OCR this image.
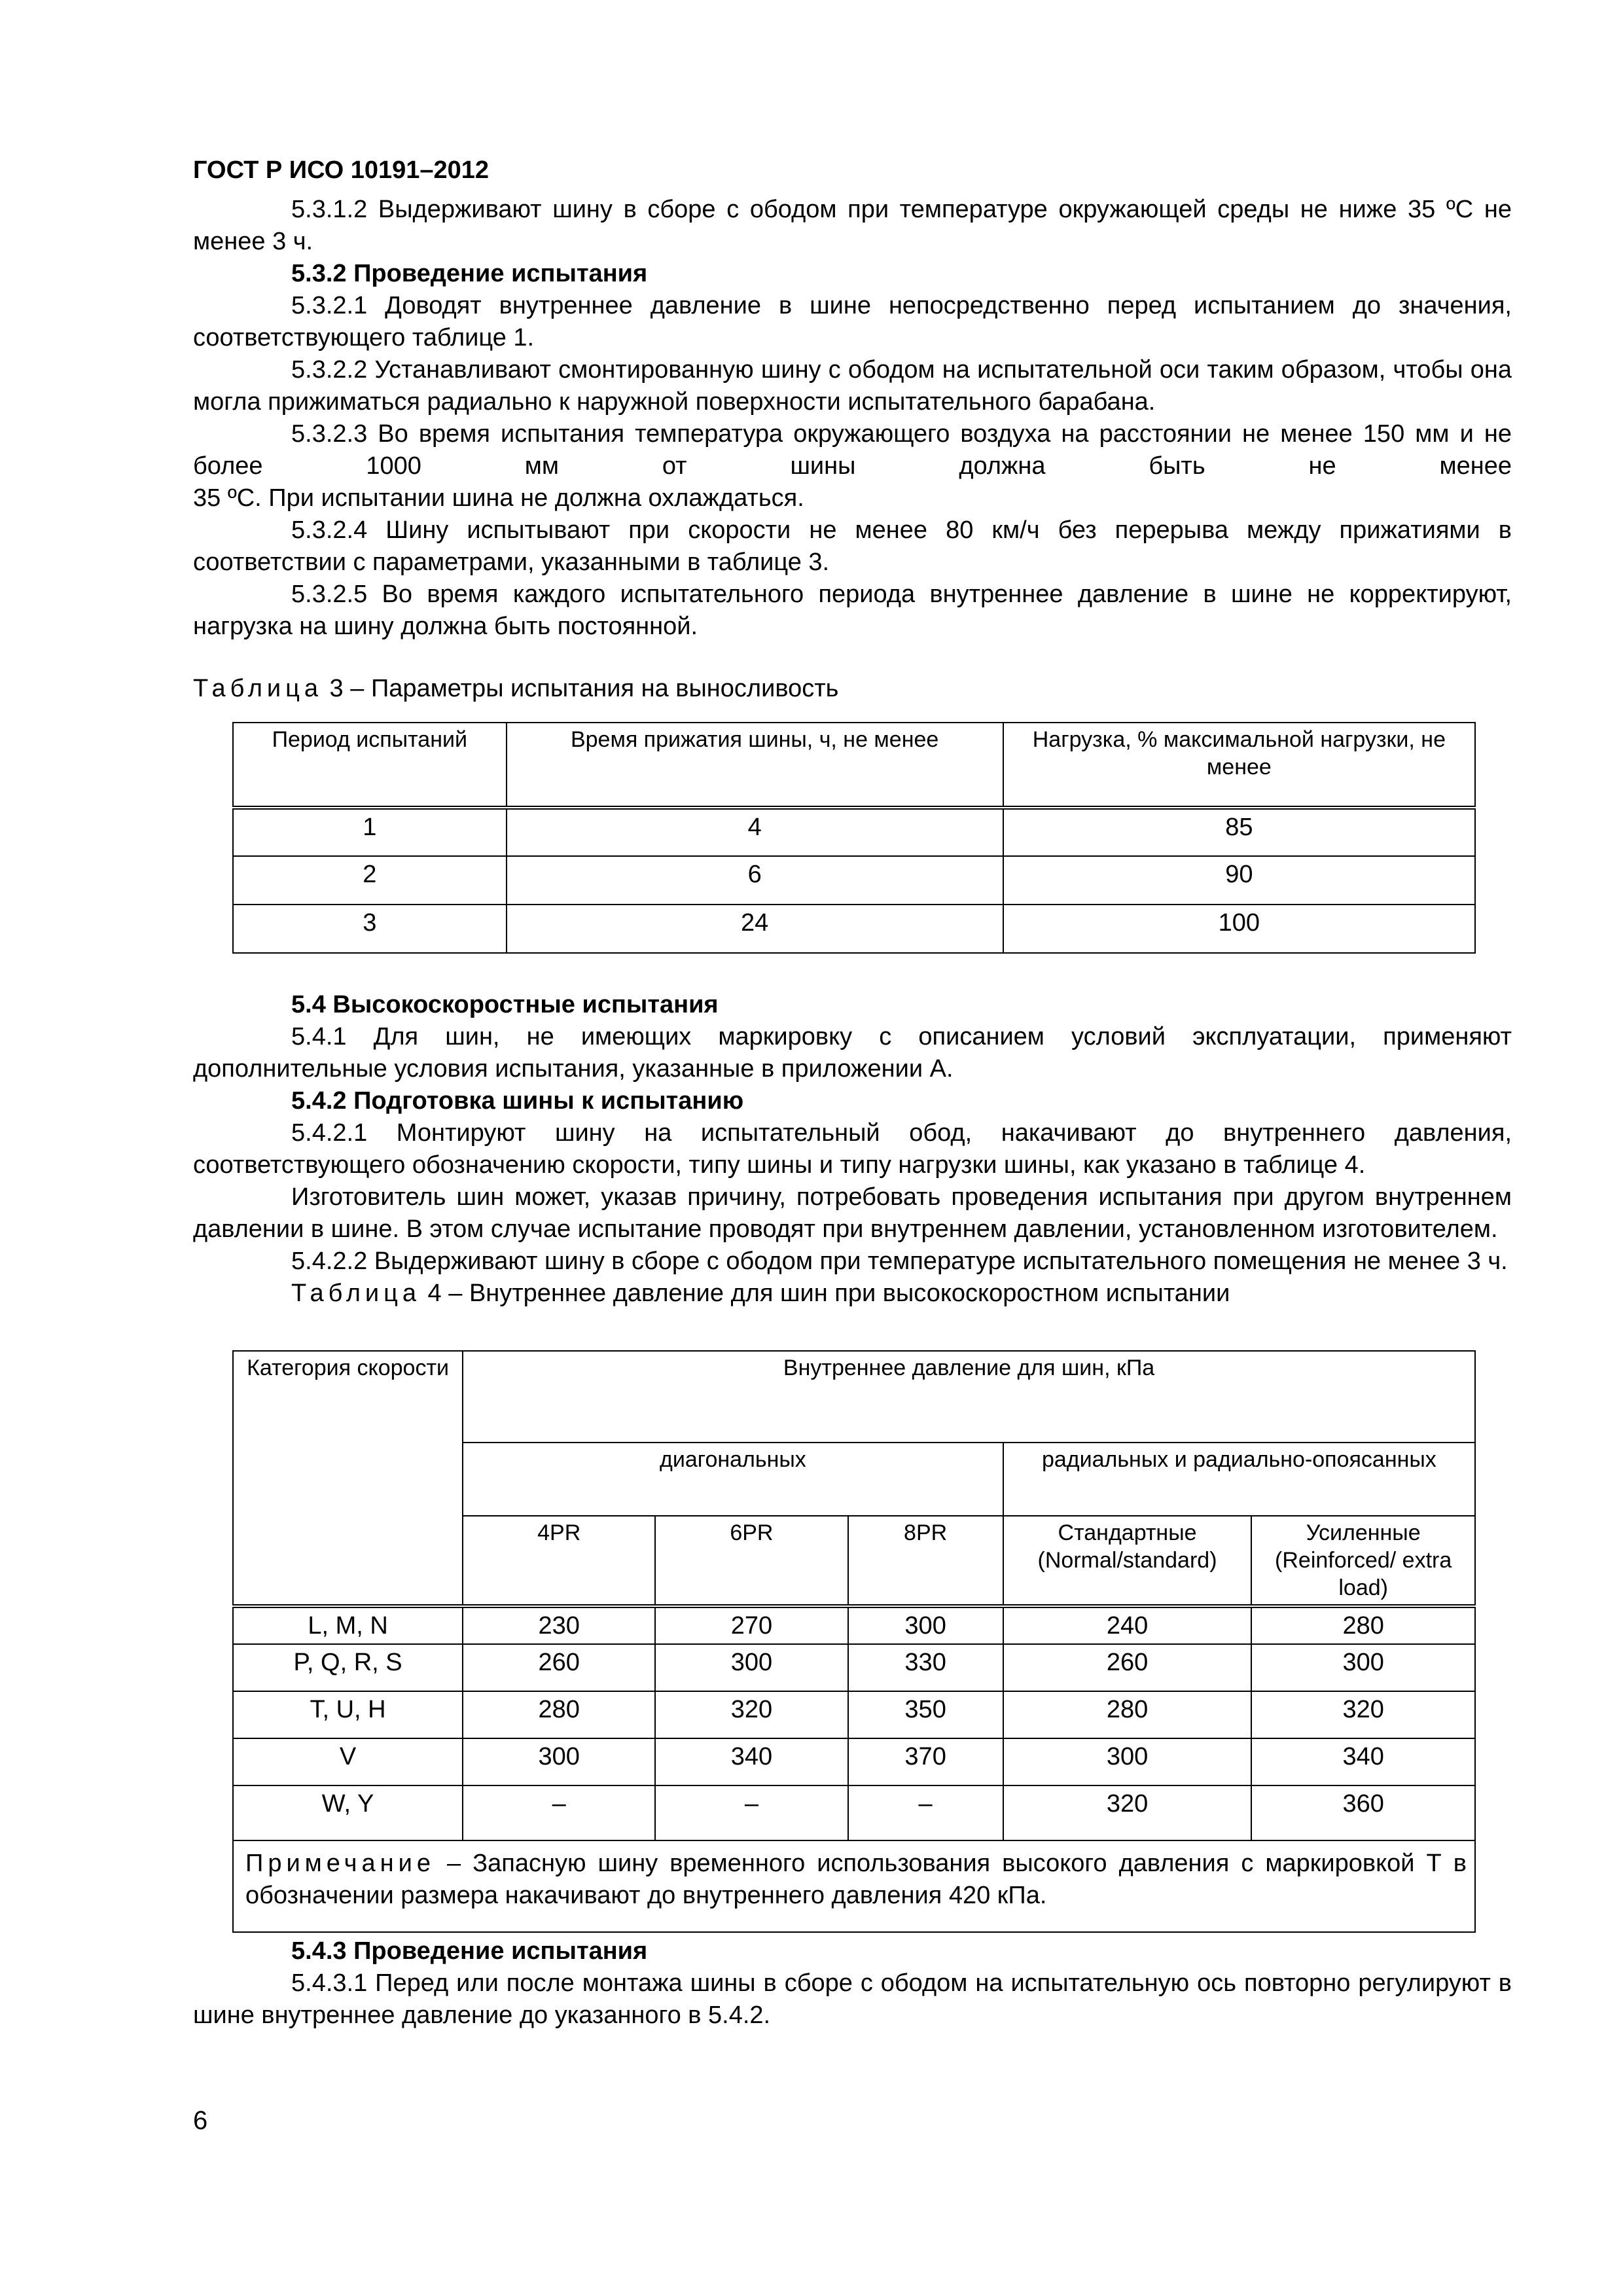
ГОСТ Р ИСО 10191–2012

5.3.1.2 Выдерживают шину в сборе с ободом при температуре окружающей среды не ниже 35 ºС не менее 3 ч.

5.3.2 Проведение испытания

5.3.2.1 Доводят внутреннее давление в шине непосредственно перед испытанием до значения, соответствующего таблице 1.

5.3.2.2 Устанавливают смонтированную шину с ободом на испытательной оси таким образом, чтобы она могла прижиматься радиально к наружной поверхности испытательного барабана.

5.3.2.3 Во время испытания температура окружающего воздуха на расстоянии не менее 150 мм и не более 1000 мм от шины должна быть не менее

35 ºС. При испытании шина не должна охлаждаться.

5.3.2.4 Шину испытывают при скорости не менее 80 км/ч без перерыва между прижатиями в соответствии с параметрами, указанными в таблице 3.

5.3.2.5 Во время каждого испытательного периода внутреннее давление в шине не корректируют, нагрузка на шину должна быть постоянной.

Таблица 3 – Параметры испытания на выносливость

Период испытаний	Время прижатия шины, ч, не менее	Нагрузка, % максимальной нагрузки, не менее
1	4	85
2	6	90
3	24	100

5.4 Высокоскоростные испытания

5.4.1 Для шин, не имеющих маркировку с описанием условий эксплуатации, применяют дополнительные условия испытания, указанные в приложении А.

5.4.2 Подготовка шины к испытанию

5.4.2.1 Монтируют шину на испытательный обод, накачивают до внутреннего давления, соответствующего обозначению скорости, типу шины и типу нагрузки шины, как указано в таблице 4.

Изготовитель шин может, указав причину, потребовать проведения испытания при другом внутреннем давлении в шине. В этом случае испытание проводят при внутреннем давлении, установленном изготовителем.

5.4.2.2 Выдерживают шину в сборе с ободом при температуре испытательного помещения не менее 3 ч.

Таблица 4 – Внутреннее давление для шин при высокоскоростном испытании

Категория скорости	Внутреннее давление для шин, кПа				
	диагональных			радиальных и радиально-опоясанных	
	4PR	6PR	8PR	Стандартные (Normal/standard)	Усиленные (Reinforced/ extra load)
L, M, N	230	270	300	240	280
P, Q, R, S	260	300	330	260	300
T, U, H	280	320	350	280	320
V	300	340	370	300	340
W, Y	–	–	–	320	360
Примечание – Запасную шину временного использования высокого давления с маркировкой Т в обозначении размера накачивают до внутреннего давления 420 кПа.					

5.4.3 Проведение испытания

5.4.3.1 Перед или после монтажа шины в сборе с ободом на испытательную ось повторно регулируют в шине внутреннее давление до указанного в 5.4.2.

6
